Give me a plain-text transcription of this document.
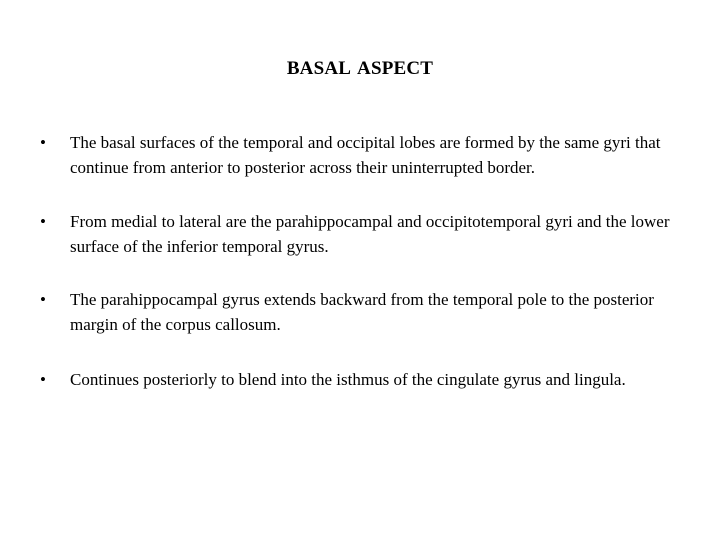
BASAL ASPECT
•	The basal surfaces of the temporal and occipital lobes are formed by the same gyri that continue from anterior to posterior across their uninterrupted border.
•	From medial to lateral are the parahippocampal and occipitotemporal gyri and the lower surface of the inferior temporal gyrus.
•	The parahippocampal gyrus extends backward from the temporal pole to the posterior margin of the corpus callosum.
•	Continues posteriorly to blend into the isthmus of the cingulate gyrus and lingula.
